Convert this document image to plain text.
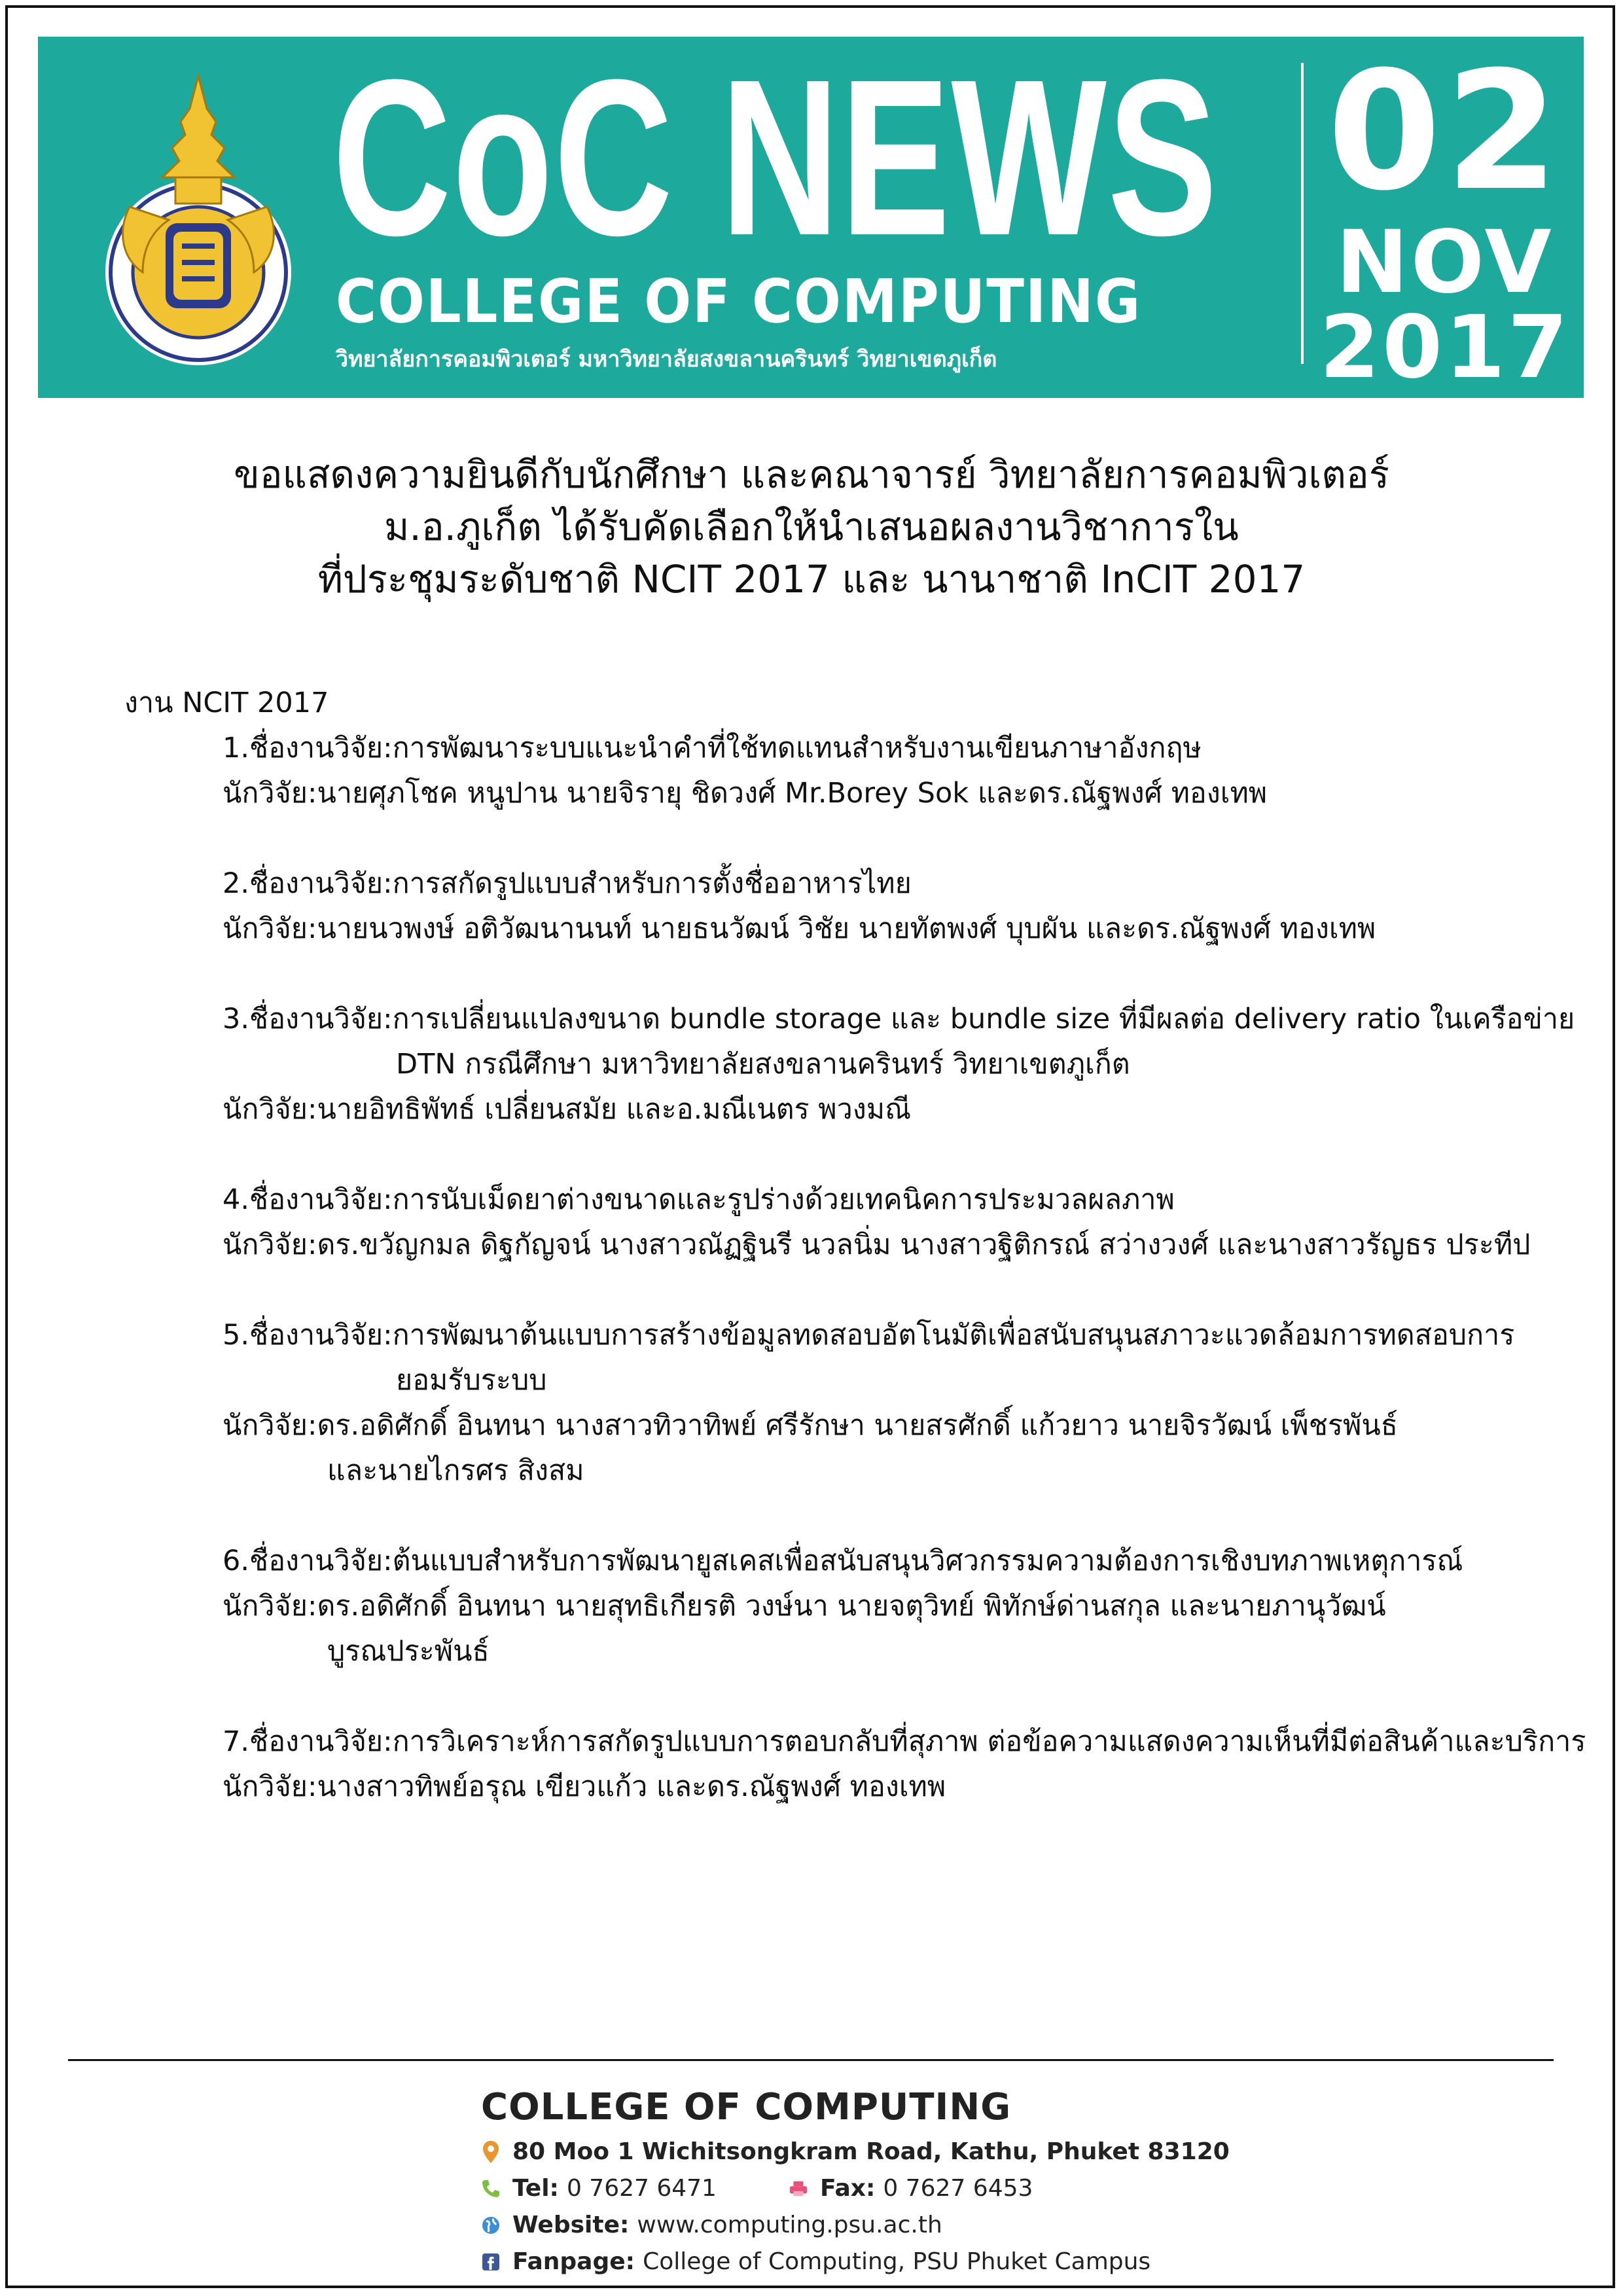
CoC NEWS
COLLEGE OF COMPUTING
วิทยาลัยการคอมพิวเตอร์ มหาวิทยาลัยสงขลานครินทร์ วิทยาเขตภูเก็ต
02
NOV
2017
ขอแสดงความยินดีกับนักศึกษา และคณาจารย์ วิทยาลัยการคอมพิวเตอร์
ม.อ.ภูเก็ต ได้รับคัดเลือกให้นำเสนอผลงานวิชาการใน
ที่ประชุมระดับชาติ NCIT 2017 และ นานาชาติ InCIT 2017
งาน NCIT 2017
1.ชื่องานวิจัย: การพัฒนาระบบแนะนำคำที่ใช้ทดแทนสำหรับงานเขียนภาษาอังกฤษ
นักวิจัย: นายศุภโชค หนูปาน นายจิรายุ ชิดวงศ์ Mr.Borey Sok และดร.ณัฐพงศ์ ทองเทพ
2.ชื่องานวิจัย: การสกัดรูปแบบสำหรับการตั้งชื่ออาหารไทย
นักวิจัย: นายนวพงษ์ อติวัฒนานนท์ นายธนวัฒน์ วิชัย นายทัตพงศ์ บุบผัน และดร.ณัฐพงศ์ ทองเทพ
3.ชื่องานวิจัย: การเปลี่ยนแปลงขนาด bundle storage และ bundle size ที่มีผลต่อ delivery ratio ในเครือข่าย
DTN กรณีศึกษา มหาวิทยาลัยสงขลานครินทร์ วิทยาเขตภูเก็ต
นักวิจัย: นายอิทธิพัทธ์ เปลี่ยนสมัย และอ.มณีเนตร พวงมณี
4.ชื่องานวิจัย: การนับเม็ดยาต่างขนาดและรูปร่างด้วยเทคนิคการประมวลผลภาพ
นักวิจัย: ดร.ขวัญกมล ดิฐกัญจน์ นางสาวณัฏฐินรี นวลนิ่ม นางสาวฐิติกรณ์ สว่างวงศ์ และนางสาวรัญธร ประทีป
5.ชื่องานวิจัย: การพัฒนาต้นแบบการสร้างข้อมูลทดสอบอัตโนมัติเพื่อสนับสนุนสภาวะแวดล้อมการทดสอบการ
ยอมรับระบบ
นักวิจัย: ดร.อดิศักดิ์ อินทนา นางสาวทิวาทิพย์ ศรีรักษา นายสรศักดิ์ แก้วยาว นายจิรวัฒน์ เพ็ชรพันธ์
และนายไกรศร สิงสม
6.ชื่องานวิจัย: ต้นแบบสำหรับการพัฒนายูสเคสเพื่อสนับสนุนวิศวกรรมความต้องการเชิงบทภาพเหตุการณ์
นักวิจัย: ดร.อดิศักดิ์ อินทนา นายสุทธิเกียรติ วงษ์นา นายจตุวิทย์ พิทักษ์ด่านสกุล และนายภานุวัฒน์
บูรณประพันธ์
7.ชื่องานวิจัย: การวิเคราะห์การสกัดรูปแบบการตอบกลับที่สุภาพ ต่อข้อความแสดงความเห็นที่มีต่อสินค้าและบริการ
นักวิจัย: นางสาวทิพย์อรุณ เขียวแก้ว และดร.ณัฐพงศ์ ทองเทพ
COLLEGE OF COMPUTING
80 Moo 1 Wichitsongkram Road, Kathu, Phuket 83120
Tel: 0 7627 6471	Fax: 0 7627 6453
Website: www.computing.psu.ac.th
Fanpage: College of Computing, PSU Phuket Campus
